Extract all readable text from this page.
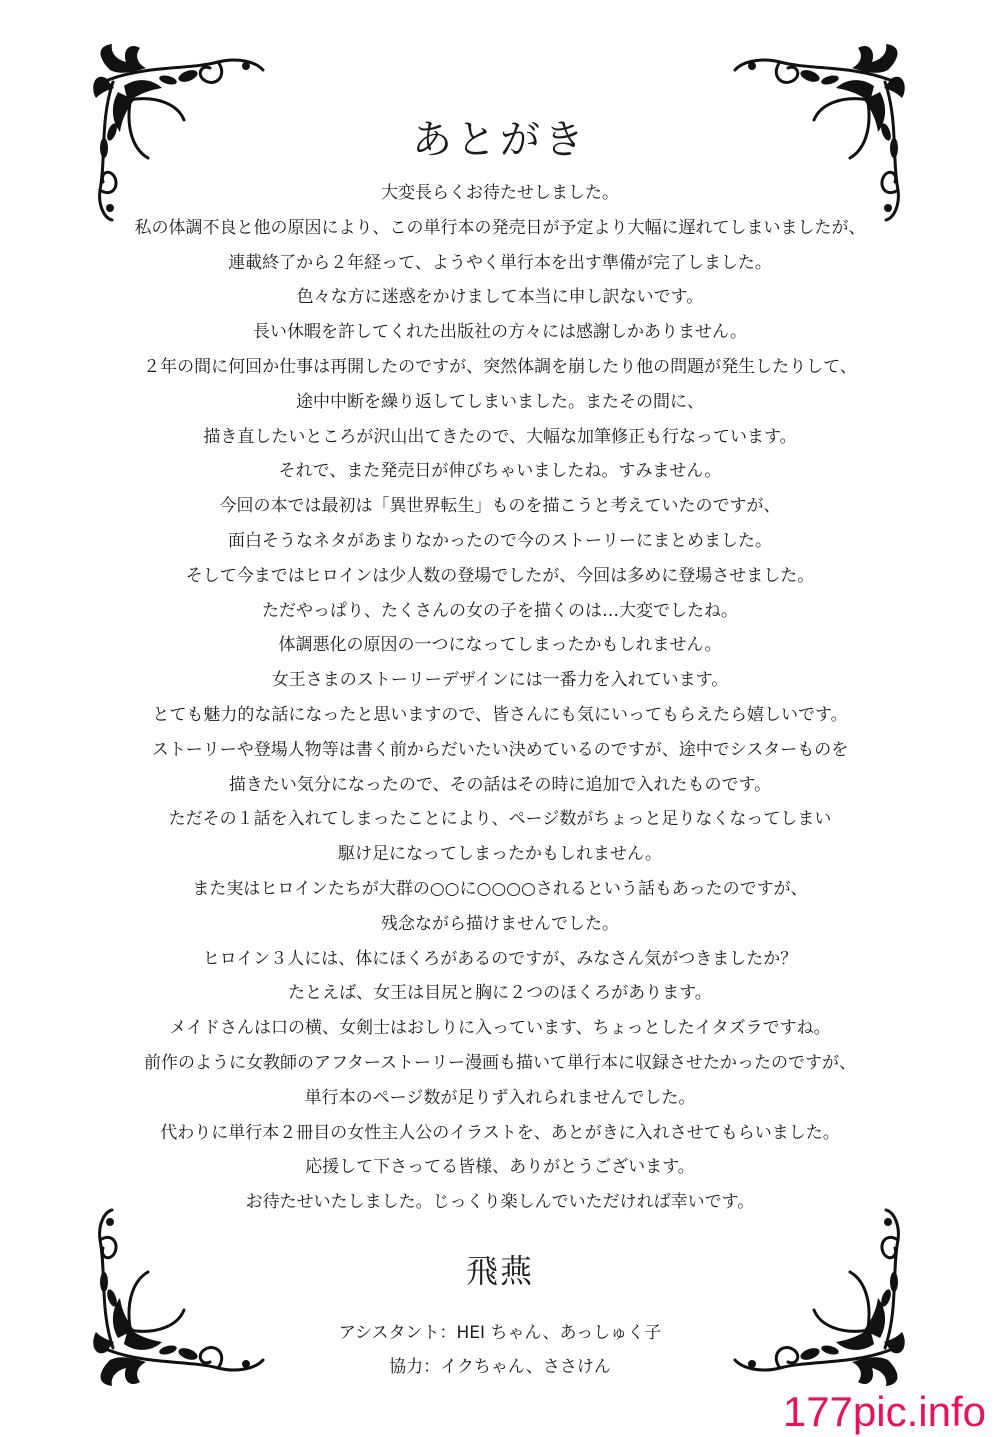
あとがき
大変長らくお待たせしました。
私の体調不良と他の原因により、この単行本の発売日が予定より大幅に遅れてしまいましたが、
連載終了から２年経って、ようやく単行本を出す準備が完了しました。
色々な方に迷惑をかけまして本当に申し訳ないです。
長い休暇を許してくれた出版社の方々には感謝しかありません。
２年の間に何回か仕事は再開したのですが、突然体調を崩したり他の問題が発生したりして、
途中中断を繰り返してしまいました。またその間に、
描き直したいところが沢山出てきたので、大幅な加筆修正も行なっています。
それで、また発売日が伸びちゃいましたね。すみません。
今回の本では最初は「異世界転生」ものを描こうと考えていたのですが、
面白そうなネタがあまりなかったので今のストーリーにまとめました。
そして今まではヒロインは少人数の登場でしたが、今回は多めに登場させました。
ただやっぱり、たくさんの女の子を描くのは…大変でしたね。
体調悪化の原因の一つになってしまったかもしれません。
女王さまのストーリーデザインには一番力を入れています。
とても魅力的な話になったと思いますので、皆さんにも気にいってもらえたら嬉しいです。
ストーリーや登場人物等は書く前からだいたい決めているのですが、途中でシスターものを
描きたい気分になったので、その話はその時に追加で入れたものです。
ただその１話を入れてしまったことにより、ページ数がちょっと足りなくなってしまい
駆け足になってしまったかもしれません。
また実はヒロインたちが大群の○○に○○○○されるという話もあったのですが、
残念ながら描けませんでした。
ヒロイン３人には、体にほくろがあるのですが、みなさん気がつきましたか？
たとえば、女王は目尻と胸に２つのほくろがあります。
メイドさんは口の横、女剣士はおしりに入っています、ちょっとしたイタズラですね。
前作のように女教師のアフターストーリー漫画も描いて単行本に収録させたかったのですが、
単行本のページ数が足りず入れられませんでした。
代わりに単行本２冊目の女性主人公のイラストを、あとがきに入れさせてもらいました。
応援して下さってる皆様、ありがとうございます。
お待たせいたしました。じっくり楽しんでいただければ幸いです。
飛燕
アシスタント：HEI ちゃん、あっしゅく子
協力：イクちゃん、ささけん
177pic.info
